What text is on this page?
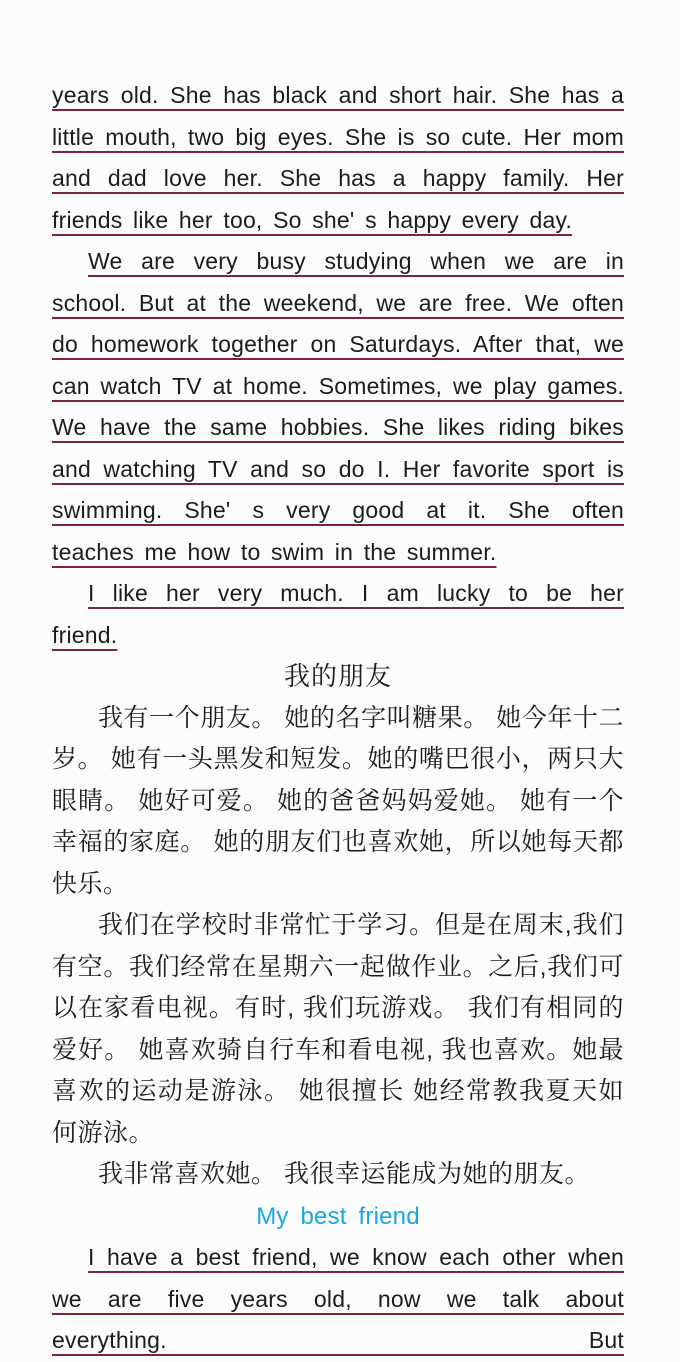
years old. She has black and short hair. She has a little mouth, two big eyes. She is so cute. Her mom and dad love her. She has a happy family. Her friends like her too, So she' s happy every day.

We are very busy studying when we are in school. But at the weekend, we are free. We often do homework together on Saturdays. After that, we can watch TV at home. Sometimes, we play games. We have the same hobbies. She likes riding bikes and watching TV and so do I. Her favorite sport is swimming. She' s very good at it. She often teaches me how to swim in the summer.

I like her very much. I am lucky to be her friend.

我的朋友

我有一个朋友。 她的名字叫糖果。 她今年十二岁。 她有一头黑发和短发。她的嘴巴很小，两只大眼睛。 她好可爱。 她的爸爸妈妈爱她。 她有一个幸福的家庭。 她的朋友们也喜欢她，所以她每天都快乐。

我们在学校时非常忙于学习。但是在周末,我们有空。我们经常在星期六一起做作业。之后,我们可以在家看电视。有时, 我们玩游戏。 我们有相同的爱好。 她喜欢骑自行车和看电视, 我也喜欢。她最喜欢的运动是游泳。 她很擅长 她经常教我夏天如何游泳。

我非常喜欢她。 我很幸运能成为她的朋友。

My best friend

I have a best friend, we know each other when we are five years old, now we talk about everything. But
